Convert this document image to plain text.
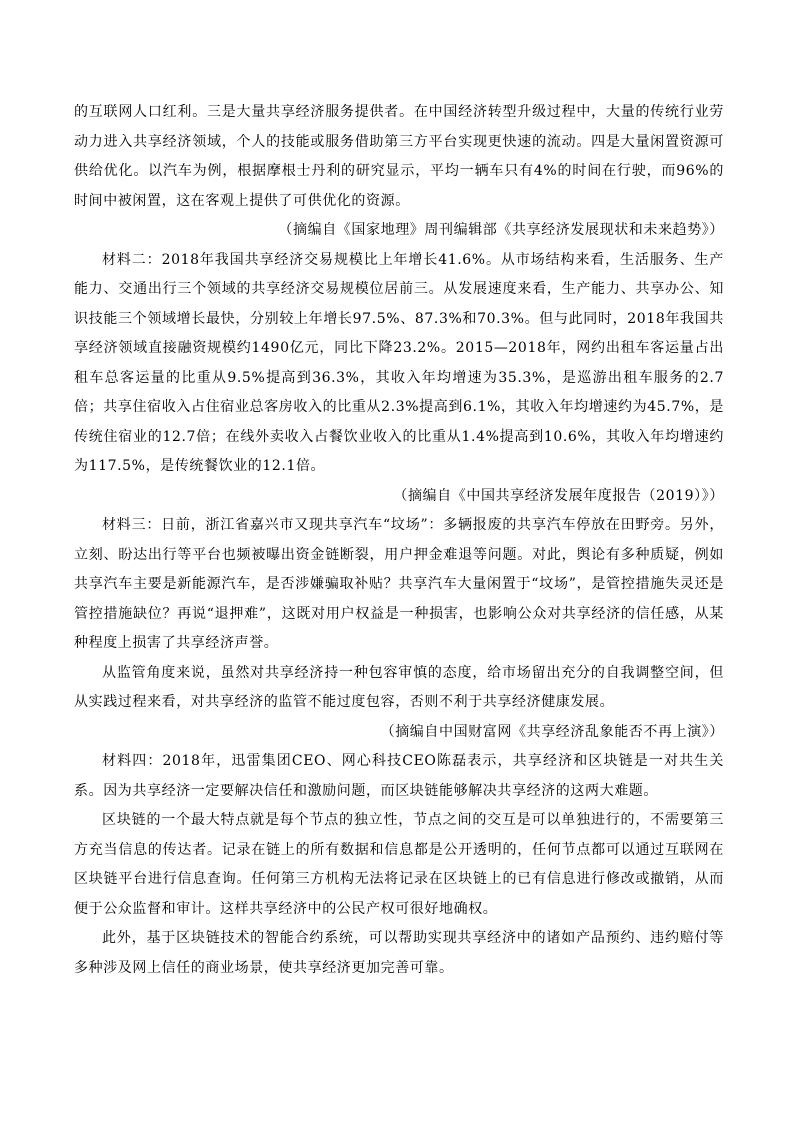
的互联网人口红利。三是大量共享经济服务提供者。在中国经济转型升级过程中，大量的传统行业劳动力进入共享经济领域，个人的技能或服务借助第三方平台实现更快速的流动。四是大量闲置资源可供给优化。以汽车为例，根据摩根士丹利的研究显示，平均一辆车只有4%的时间在行驶，而96%的时间中被闲置，这在客观上提供了可供优化的资源。

（摘编自《国家地理》周刊编辑部《共享经济发展现状和未来趋势》）

材料二：2018年我国共享经济交易规模比上年增长41.6%。从市场结构来看，生活服务、生产能力、交通出行三个领域的共享经济交易规模位居前三。从发展速度来看，生产能力、共享办公、知识技能三个领域增长最快，分别较上年增长97.5%、87.3%和70.3%。但与此同时，2018年我国共享经济领域直接融资规模约1490亿元，同比下降23.2%。2015—2018年，网约出租车客运量占出租车总客运量的比重从9.5%提高到36.3%，其收入年均增速为35.3%，是巡游出租车服务的2.7倍；共享住宿收入占住宿业总客房收入的比重从2.3%提高到6.1%，其收入年均增速约为45.7%，是传统住宿业的12.7倍；在线外卖收入占餐饮业收入的比重从1.4%提高到10.6%，其收入年均增速约为117.5%，是传统餐饮业的12.1倍。

（摘编自《中国共享经济发展年度报告（2019）》）

材料三：日前，浙江省嘉兴市又现共享汽车“坟场”：多辆报废的共享汽车停放在田野旁。另外，立刻、盼达出行等平台也频被曝出资金链断裂，用户押金难退等问题。对此，舆论有多种质疑，例如共享汽车主要是新能源汽车，是否涉嫌骗取补贴？共享汽车大量闲置于“坟场”，是管控措施失灵还是管控措施缺位？再说“退押难”，这既对用户权益是一种损害，也影响公众对共享经济的信任感，从某种程度上损害了共享经济声誉。

从监管角度来说，虽然对共享经济持一种包容审慎的态度，给市场留出充分的自我调整空间，但从实践过程来看，对共享经济的监管不能过度包容，否则不利于共享经济健康发展。

（摘编自中国财富网《共享经济乱象能否不再上演》）

材料四：2018年，迅雷集团CEO、网心科技CEO陈磊表示，共享经济和区块链是一对共生关系。因为共享经济一定要解决信任和激励问题，而区块链能够解决共享经济的这两大难题。

区块链的一个最大特点就是每个节点的独立性，节点之间的交互是可以单独进行的，不需要第三方充当信息的传达者。记录在链上的所有数据和信息都是公开透明的，任何节点都可以通过互联网在区块链平台进行信息查询。任何第三方机构无法将记录在区块链上的已有信息进行修改或撤销，从而便于公众监督和审计。这样共享经济中的公民产权可很好地确权。

此外，基于区块链技术的智能合约系统，可以帮助实现共享经济中的诸如产品预约、违约赔付等多种涉及网上信任的商业场景，使共享经济更加完善可靠。
